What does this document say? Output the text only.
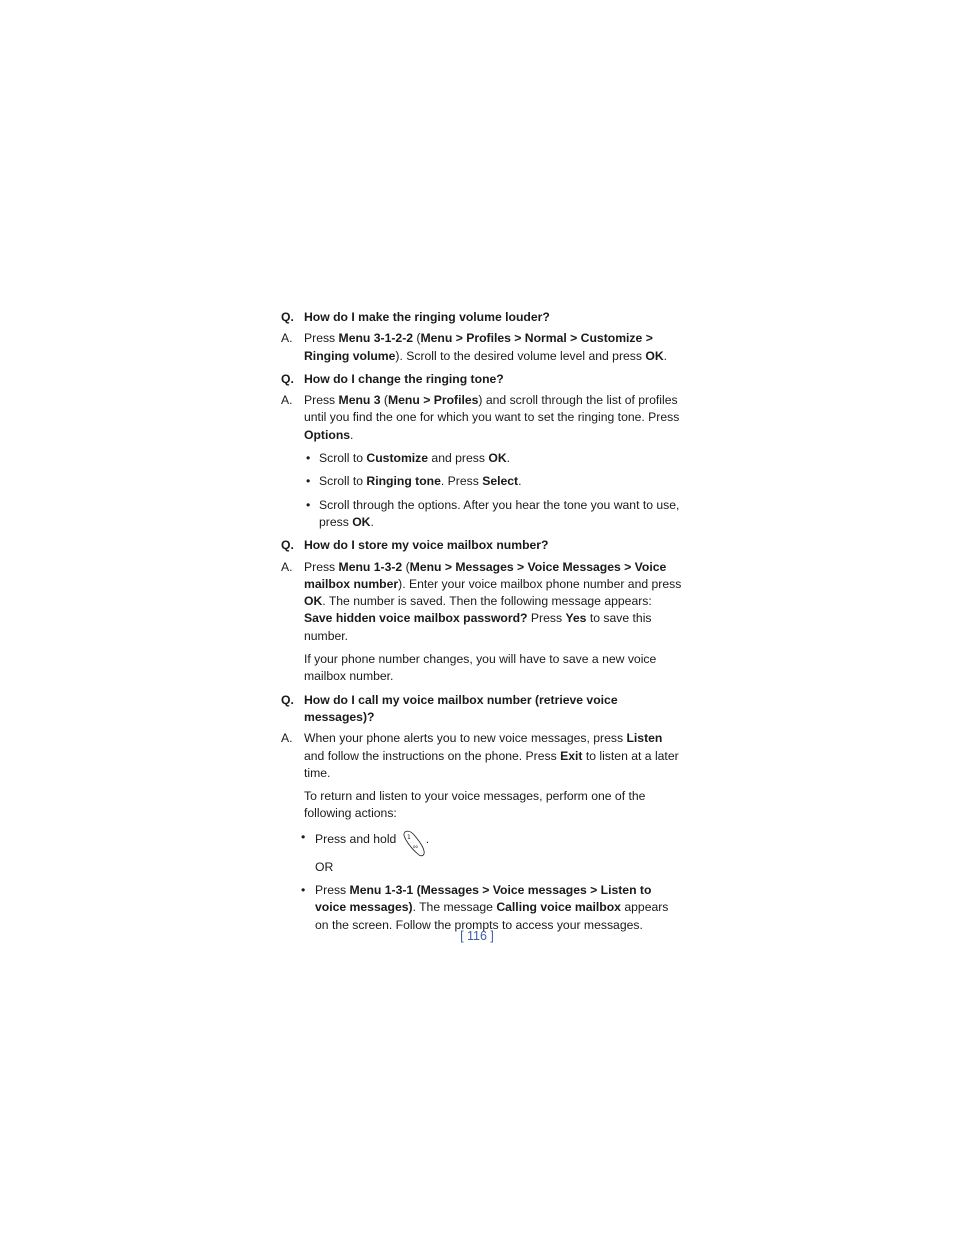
Q. How do I make the ringing volume louder?
A. Press Menu 3-1-2-2 (Menu > Profiles > Normal > Customize > Ringing volume). Scroll to the desired volume level and press OK.
Q. How do I change the ringing tone?
A. Press Menu 3 (Menu > Profiles) and scroll through the list of profiles until you find the one for which you want to set the ringing tone. Press Options.
• Scroll to Customize and press OK.
• Scroll to Ringing tone. Press Select.
• Scroll through the options. After you hear the tone you want to use, press OK.
Q. How do I store my voice mailbox number?
A. Press Menu 1-3-2 (Menu > Messages > Voice Messages > Voice mailbox number). Enter your voice mailbox phone number and press OK. The number is saved. Then the following message appears: Save hidden voice mailbox password? Press Yes to save this number.
If your phone number changes, you will have to save a new voice mailbox number.
Q. How do I call my voice mailbox number (retrieve voice messages)?
A. When your phone alerts you to new voice messages, press Listen and follow the instructions on the phone. Press Exit to listen at a later time.
To return and listen to your voice messages, perform one of the following actions:
• Press and hold 1
oo
.
OR
• Press Menu 1-3-1 (Messages > Voice messages > Listen to voice messages). The message Calling voice mailbox appears on the screen. Follow the prompts to access your messages.
[ 116 ]
